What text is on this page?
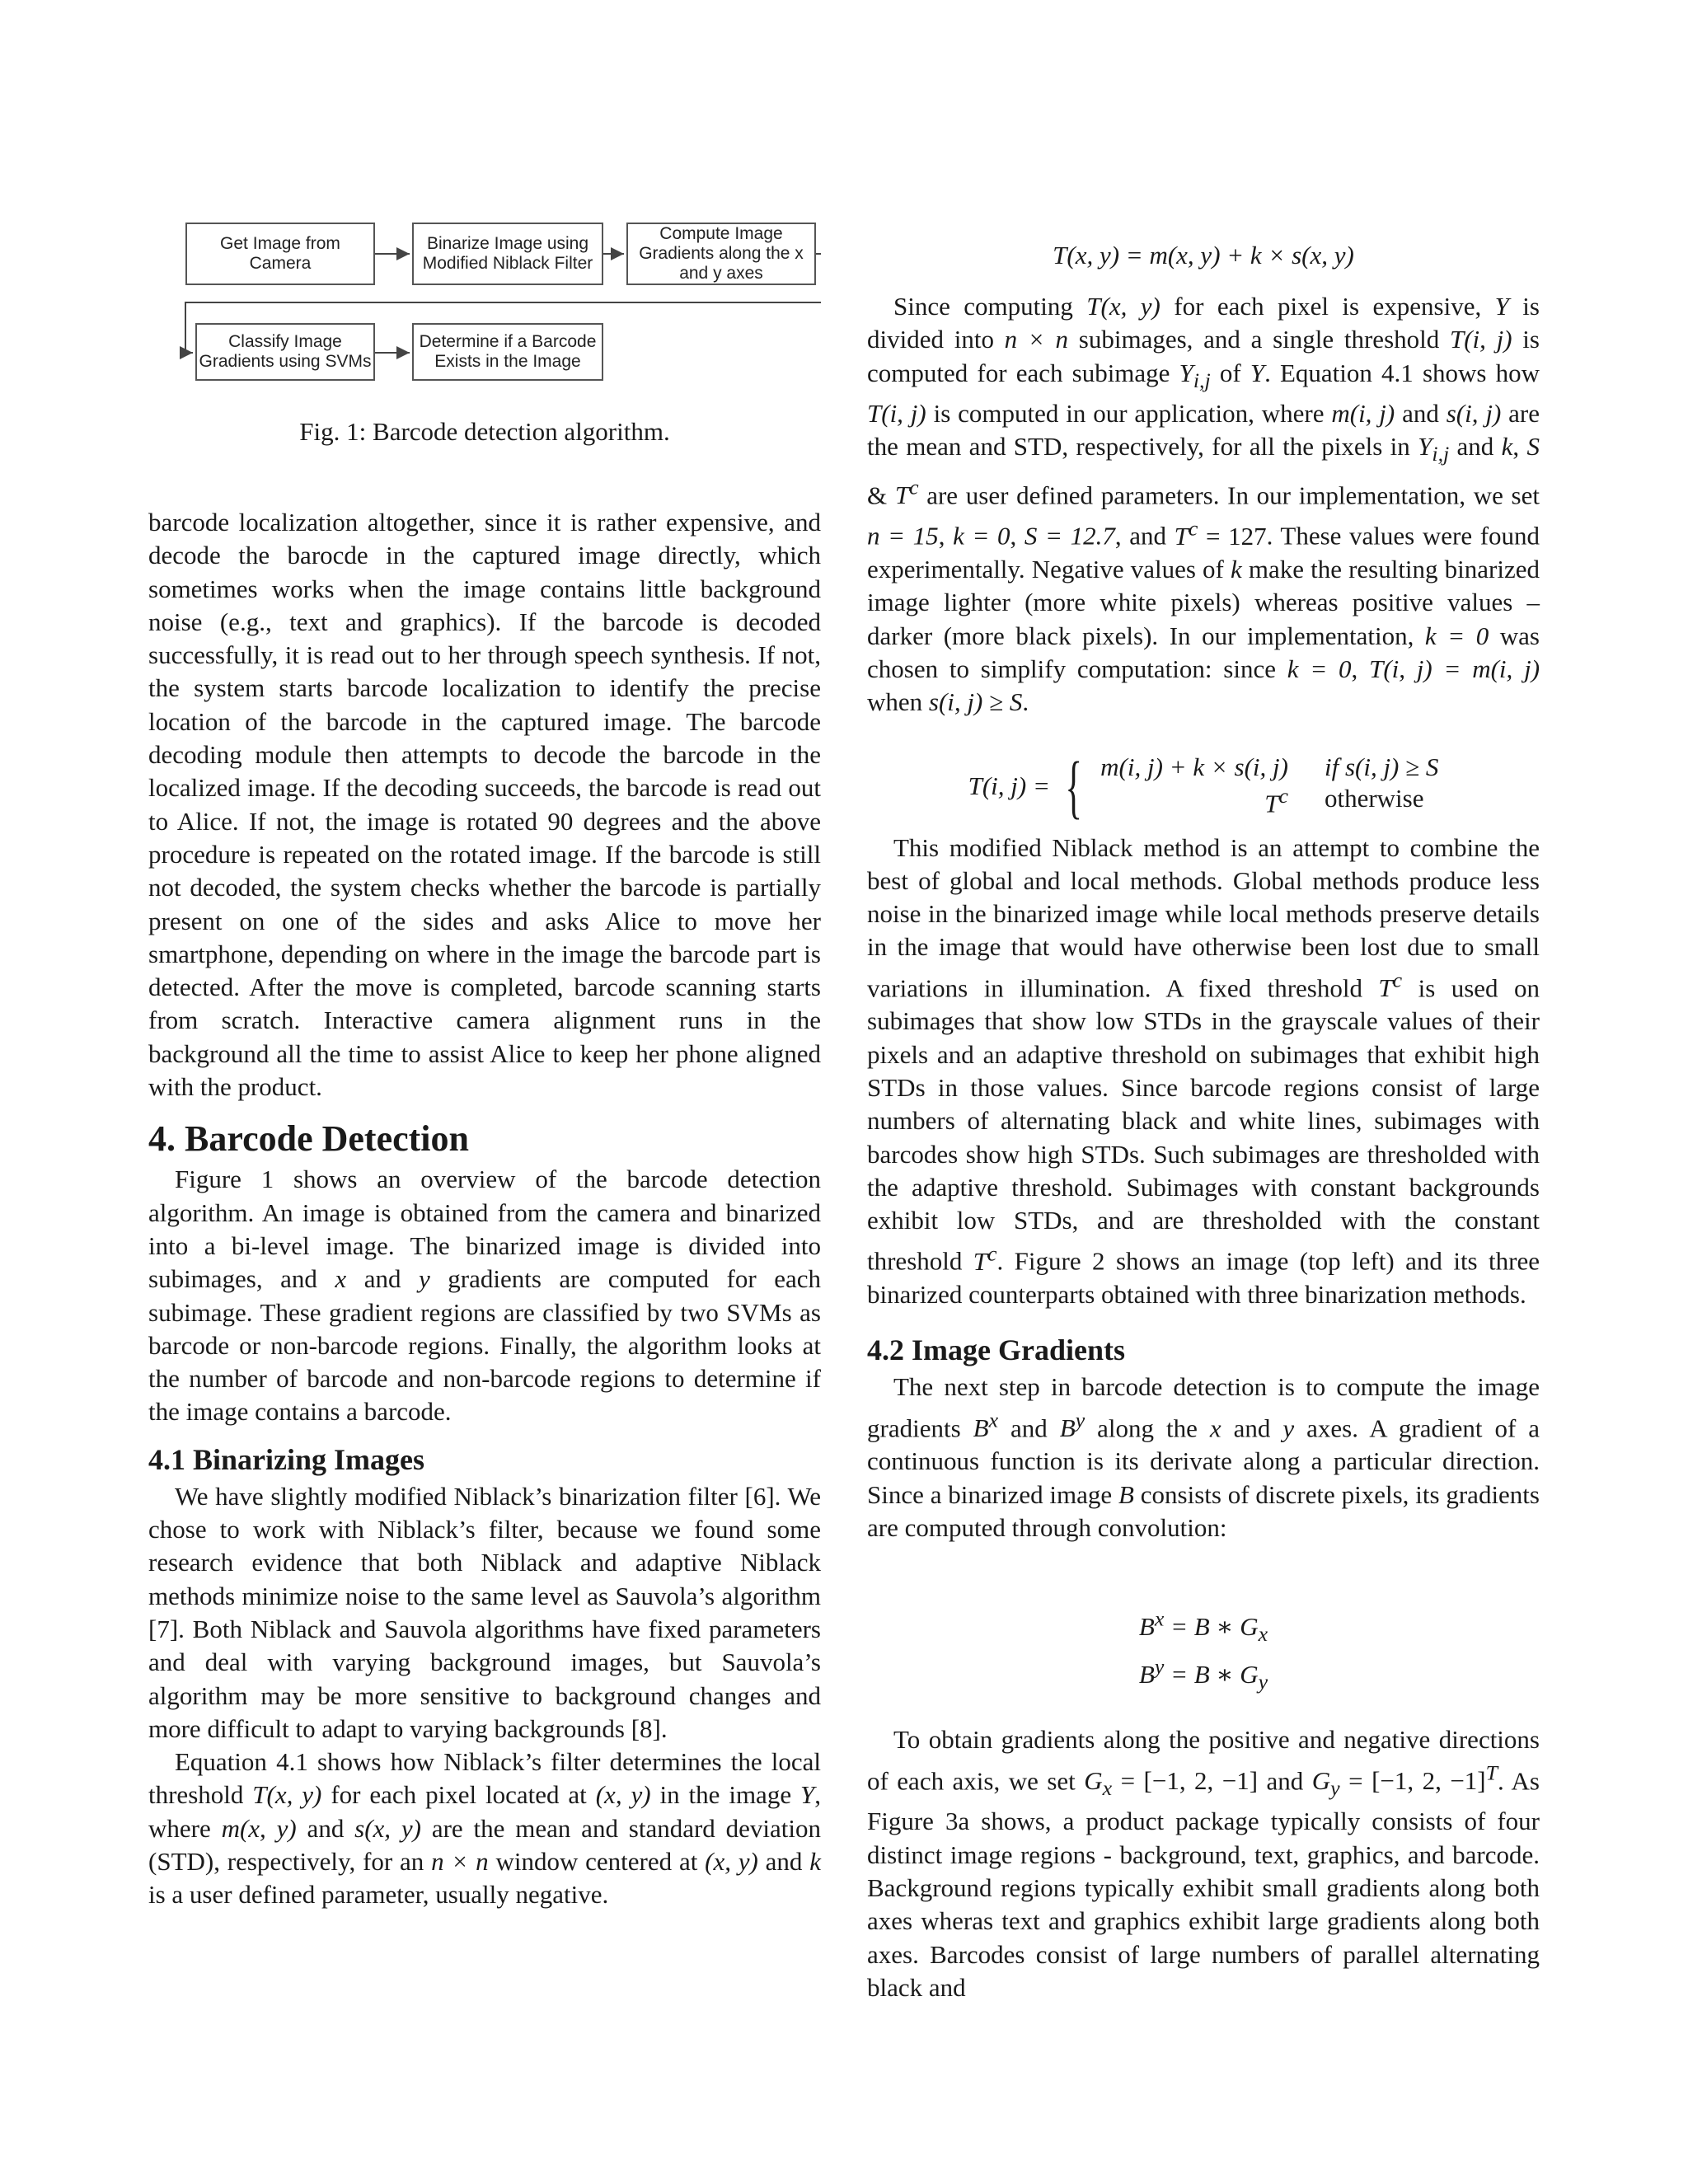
Get Image from Camera
Binarize Image using Modified Niblack Filter
Compute Image Gradients along the x and y axes
Classify Image Gradients using SVMs
Determine if a Barcode Exists in the Image
Fig. 1: Barcode detection algorithm.

barcode localization altogether, since it is rather expensive, and decode the barocde in the captured image directly, which sometimes works when the image contains little background noise (e.g., text and graphics). If the barcode is decoded successfully, it is read out to her through speech synthesis. If not, the system starts barcode localization to identify the precise location of the barcode in the captured image. The barcode decoding module then attempts to decode the barcode in the localized image. If the decoding succeeds, the barcode is read out to Alice. If not, the image is rotated 90 degrees and the above procedure is repeated on the rotated image. If the barcode is still not decoded, the system checks whether the barcode is partially present on one of the sides and asks Alice to move her smartphone, depending on where in the image the barcode part is detected. After the move is completed, barcode scanning starts from scratch. Interactive camera alignment runs in the background all the time to assist Alice to keep her phone aligned with the product.

4. Barcode Detection

Figure 1 shows an overview of the barcode detection algorithm. An image is obtained from the camera and binarized into a bi-level image. The binarized image is divided into subimages, and x and y gradients are computed for each subimage. These gradient regions are classified by two SVMs as barcode or non-barcode regions. Finally, the algorithm looks at the number of barcode and non-barcode regions to determine if the image contains a barcode.

4.1 Binarizing Images

We have slightly modified Niblack’s binarization filter [6]. We chose to work with Niblack’s filter, because we found some research evidence that both Niblack and adaptive Niblack methods minimize noise to the same level as Sauvola’s algorithm [7]. Both Niblack and Sauvola algorithms have fixed parameters and deal with varying background images, but Sauvola’s algorithm may be more sensitive to background changes and more difficult to adapt to varying backgrounds [8].

Equation 4.1 shows how Niblack’s filter determines the local threshold T(x, y) for each pixel located at (x, y) in the image Y, where m(x, y) and s(x, y) are the mean and standard deviation (STD), respectively, for an n × n window centered at (x, y) and k is a user defined parameter, usually negative.

T(x, y) = m(x, y) + k × s(x, y)

Since computing T(x, y) for each pixel is expensive, Y is divided into n × n subimages, and a single threshold T(i, j) is computed for each subimage $Y_{i,j}$ of Y. Equation 4.1 shows how T(i, j) is computed in our application, where m(i, j) and s(i, j) are the mean and STD, respectively, for all the pixels in $Y_{i,j}$ and k, S & $T^c$ are user defined parameters. In our implementation, we set n = 15, k = 0, S = 12.7, and $T^c = 127$. These values were found experimentally. Negative values of k make the resulting binarized image lighter (more white pixels) whereas positive values – darker (more black pixels). In our implementation, k = 0 was chosen to simplify computation: since k = 0, T(i, j) = m(i, j) when s(i, j) ≥ S.

T(i, j) = { m(i, j) + k × s(i, j) if s(i, j) ≥ S
$T^c$ otherwise

This modified Niblack method is an attempt to combine the best of global and local methods. Global methods produce less noise in the binarized image while local methods preserve details in the image that would have otherwise been lost due to small variations in illumination. A fixed threshold $T^c$ is used on subimages that show low STDs in the grayscale values of their pixels and an adaptive threshold on subimages that exhibit high STDs in those values. Since barcode regions consist of large numbers of alternating black and white lines, subimages with barcodes show high STDs. Such subimages are thresholded with the adaptive threshold. Subimages with constant backgrounds exhibit low STDs, and are thresholded with the constant threshold $T^c$. Figure 2 shows an image (top left) and its three binarized counterparts obtained with three binarization methods.

4.2 Image Gradients

The next step in barcode detection is to compute the image gradients $B^x$ and $B^y$ along the x and y axes. A gradient of a continuous function is its derivate along a particular direction. Since a binarized image B consists of discrete pixels, its gradients are computed through convolution:

$B^x = B$ ∗ $G_x$
$B^y = B$ ∗ $G_y$

To obtain gradients along the positive and negative directions of each axis, we set $G_x = [-1$, 2, −1] and $G_y = [-1$, 2, −1]$^T$. As Figure 3a shows, a product package typically consists of four distinct image regions - background, text, graphics, and barcode. Background regions typically exhibit small gradients along both axes wheras text and graphics exhibit large gradients along both axes. Barcodes consist of large numbers of parallel alternating black and
